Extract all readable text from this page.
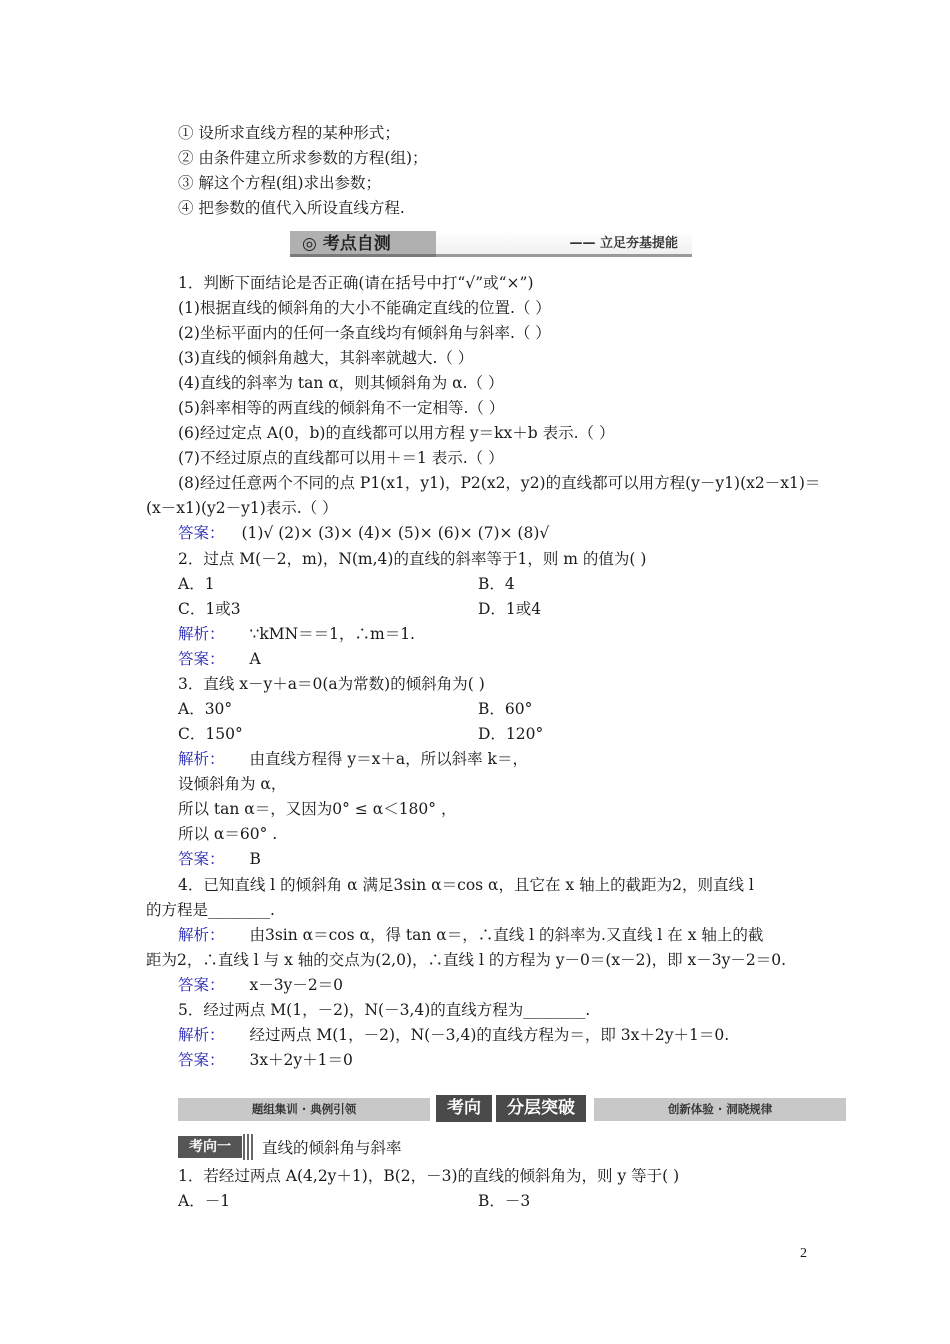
① 设所求直线方程的某种形式；
② 由条件建立所求参数的方程(组)；
③ 解这个方程(组)求出参数；
④ 把参数的值代入所设直线方程.
◎ 考点自测	—— 立足夯基提能
1．判断下面结论是否正确(请在括号中打“√”或“×”)
(1)根据直线的倾斜角的大小不能确定直线的位置.（ ）
(2)坐标平面内的任何一条直线均有倾斜角与斜率.（ ）
(3)直线的倾斜角越大，其斜率就越大.（ ）
(4)直线的斜率为 tan α，则其倾斜角为 α.（ ）
(5)斜率相等的两直线的倾斜角不一定相等.（ ）
(6)经过定点 A(0，b)的直线都可以用方程 y＝kx＋b 表示.（ ）
(7)不经过原点的直线都可以用＋＝1 表示.（ ）
(8)经过任意两个不同的点 P1(x1，y1)，P2(x2，y2)的直线都可以用方程(y－y1)(x2－x1)＝
(x－x1)(y2－y1)表示.（ ）
答案： (1)√ (2)× (3)× (4)× (5)× (6)× (7)× (8)√
2．过点 M(－2，m)，N(m,4)的直线的斜率等于1，则 m 的值为( )
A．1	B．4
C．1或3	D．1或4
解析： ∵kMN＝＝1，∴m＝1.
答案： A
3．直线 x－y＋a＝0(a为常数)的倾斜角为( )
A．30°	B．60°
C．150°	D．120°
解析： 由直线方程得 y＝x＋a，所以斜率 k＝，
设倾斜角为 α，
所以 tan α＝，又因为0° ≤ α＜180° ，
所以 α＝60° .
答案： B
4．已知直线 l 的倾斜角 α 满足3sin α＝cos α，且它在 x 轴上的截距为2，则直线 l
的方程是________.
解析： 由3sin α＝cos α，得 tan α＝，∴直线 l 的斜率为.又直线 l 在 x 轴上的截
距为2，∴直线 l 与 x 轴的交点为(2,0)，∴直线 l 的方程为 y－0＝(x－2)，即 x－3y－2＝0.
答案： x－3y－2＝0
5．经过两点 M(1，－2)，N(－3,4)的直线方程为________.
解析： 经过两点 M(1，－2)，N(－3,4)的直线方程为＝，即 3x＋2y＋1＝0.
答案： 3x＋2y＋1＝0
题组集训 · 典例引领	考向	分层突破	创新体验 · 洞晓规律
考向一	直线的倾斜角与斜率
1．若经过两点 A(4,2y＋1)，B(2，－3)的直线的倾斜角为，则 y 等于( )
A．－1	B．－3
2
